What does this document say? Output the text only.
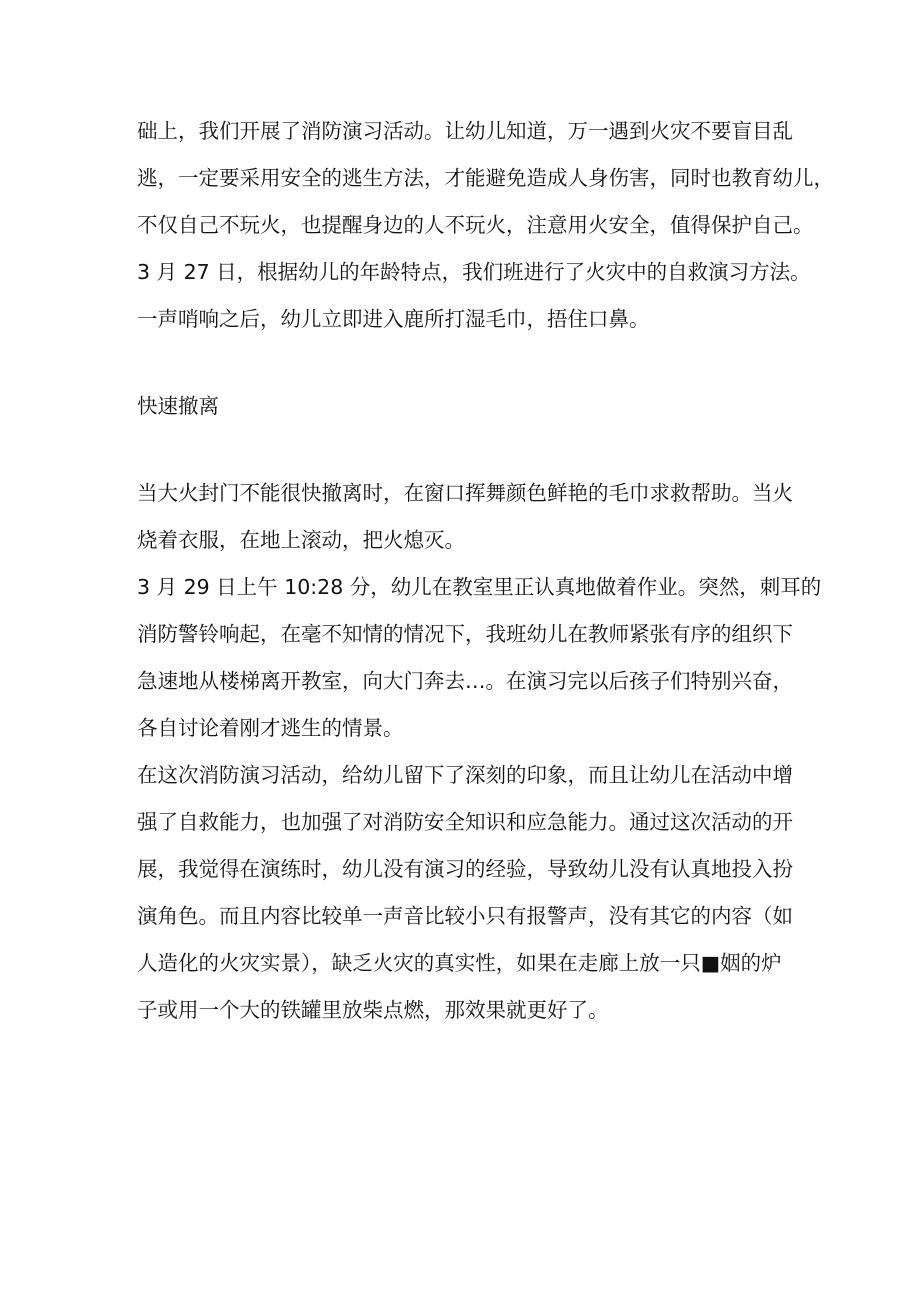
础上，我们开展了消防演习活动。让幼儿知道，万一遇到火灾不要盲目乱
逃，一定要采用安全的逃生方法，才能避免造成人身伤害，同时也教育幼儿，
不仅自己不玩火，也提醒身边的人不玩火，注意用火安全，值得保护自己。
3 月 27 日，根据幼儿的年龄特点，我们班进行了火灾中的自救演习方法。
一声哨响之后，幼儿立即进入鹿所打湿毛巾，捂住口鼻。
快速撤离
当大火封门不能很快撤离时，在窗口挥舞颜色鲜艳的毛巾求救帮助。当火
烧着衣服，在地上滚动，把火熄灭。
3 月 29 日上午 10:28 分，幼儿在教室里正认真地做着作业。突然，刺耳的
消防警铃响起，在毫不知情的情况下，我班幼儿在教师紧张有序的组织下
急速地从楼梯离开教室，向大门奔去…。在演习完以后孩子们特别兴奋，
各自讨论着刚才逃生的情景。
在这次消防演习活动，给幼儿留下了深刻的印象，而且让幼儿在活动中增
强了自救能力，也加强了对消防安全知识和应急能力。通过这次活动的开
展，我觉得在演练时，幼儿没有演习的经验，导致幼儿没有认真地投入扮
演角色。而且内容比较单一声音比较小只有报警声，没有其它的内容（如
人造化的火灾实景），缺乏火灾的真实性，如果在走廊上放一只■姻的炉
子或用一个大的铁罐里放柴点燃，那效果就更好了。
